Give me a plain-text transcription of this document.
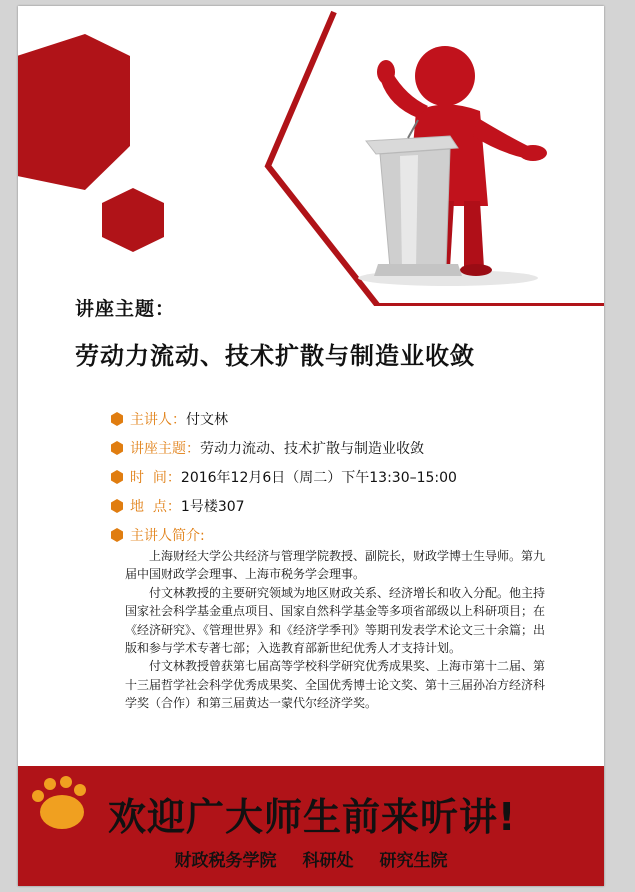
讲座主题：
劳动力流动、技术扩散与制造业收敛
主讲人： 付文林
讲座主题： 劳动力流动、技术扩散与制造业收敛
时  间： 2016年12月6日（周二）下午13:30–15:00
地  点： 1号楼307
主讲人简介:

上海财经大学公共经济与管理学院教授、副院长，财政学博士生导师。第九届中国财政学会理事、上海市税务学会理事。

付文林教授的主要研究领域为地区财政关系、经济增长和收入分配。他主持国家社会科学基金重点项目、国家自然科学基金等多项省部级以上科研项目；在《经济研究》、《管理世界》和《经济学季刊》等期刊发表学术论文三十余篇；出版和参与学术专著七部；入选教育部新世纪优秀人才支持计划。

付文林教授曾获第七届高等学校科学研究优秀成果奖、上海市第十二届、第十三届哲学社会科学优秀成果奖、全国优秀博士论文奖、第十三届孙冶方经济科学奖（合作）和第三届黄达一蒙代尔经济学奖。

欢迎广大师生前来听讲!
财政税务学院 科研处 研究生院
